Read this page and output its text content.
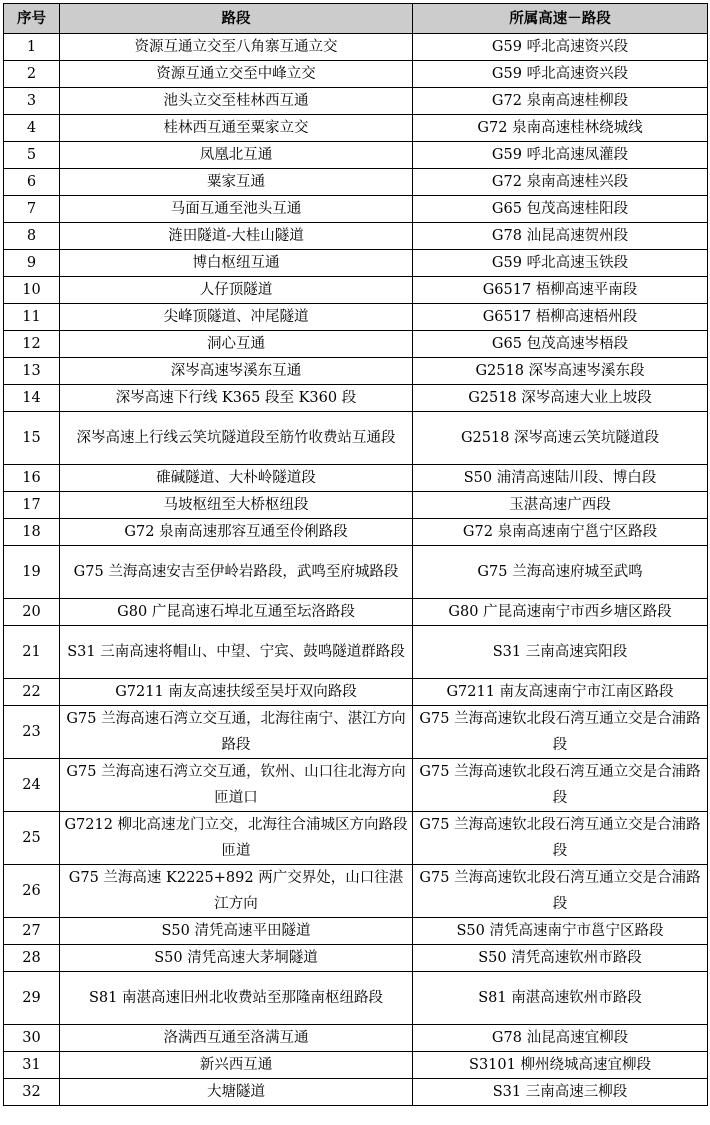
序号	路段	所属高速－路段
1	资源互通立交至八角寨互通立交	G59 呼北高速资兴段
2	资源互通立交至中峰立交	G59 呼北高速资兴段
3	池头立交至桂林西互通	G72 泉南高速桂柳段
4	桂林西互通至粟家立交	G72 泉南高速桂林绕城线
5	凤凰北互通	G59 呼北高速凤灌段
6	粟家互通	G72 泉南高速桂兴段
7	马面互通至池头互通	G65 包茂高速桂阳段
8	涟田隧道-大桂山隧道	G78 汕昆高速贺州段
9	博白枢纽互通	G59 呼北高速玉铁段
10	人仔顶隧道	G6517 梧柳高速平南段
11	尖峰顶隧道、冲尾隧道	G6517 梧柳高速梧州段
12	洞心互通	G65 包茂高速岑梧段
13	深岑高速岑溪东互通	G2518 深岑高速岑溪东段
14	深岑高速下行线 K365 段至 K360 段	G2518 深岑高速大业上坡段
15	深岑高速上行线云笑坑隧道段至筋竹收费站互通段	G2518 深岑高速云笑坑隧道段
16	碓碱隧道、大朴岭隧道段	S50 浦清高速陆川段、博白段
17	马坡枢纽至大桥枢纽段	玉湛高速广西段
18	G72 泉南高速那容互通至伶俐路段	G72 泉南高速南宁邕宁区路段
19	G75 兰海高速安吉至伊岭岩路段，武鸣至府城路段	G75 兰海高速府城至武鸣
20	G80 广昆高速石埠北互通至坛洛路段	G80 广昆高速南宁市西乡塘区路段
21	S31 三南高速将帽山、中望、宁宾、鼓鸣隧道群路段	S31 三南高速宾阳段
22	G7211 南友高速扶绥至吴圩双向路段	G7211 南友高速南宁市江南区路段
23	G75 兰海高速石湾立交互通，北海往南宁、湛江方向路段	G75 兰海高速钦北段石湾互通立交是合浦路段
24	G75 兰海高速石湾立交互通，钦州、山口往北海方向匝道口	G75 兰海高速钦北段石湾互通立交是合浦路段
25	G7212 柳北高速龙门立交，北海往合浦城区方向路段匝道	G75 兰海高速钦北段石湾互通立交是合浦路段
26	G75 兰海高速 K2225+892 两广交界处，山口往湛江方向	G75 兰海高速钦北段石湾互通立交是合浦路段
27	S50 清凭高速平田隧道	S50 清凭高速南宁市邕宁区路段
28	S50 清凭高速大茅垌隧道	S50 清凭高速钦州市路段
29	S81 南湛高速旧州北收费站至那隆南枢纽路段	S81 南湛高速钦州市路段
30	洛满西互通至洛满互通	G78 汕昆高速宜柳段
31	新兴西互通	S3101 柳州绕城高速宜柳段
32	大塘隧道	S31 三南高速三柳段
